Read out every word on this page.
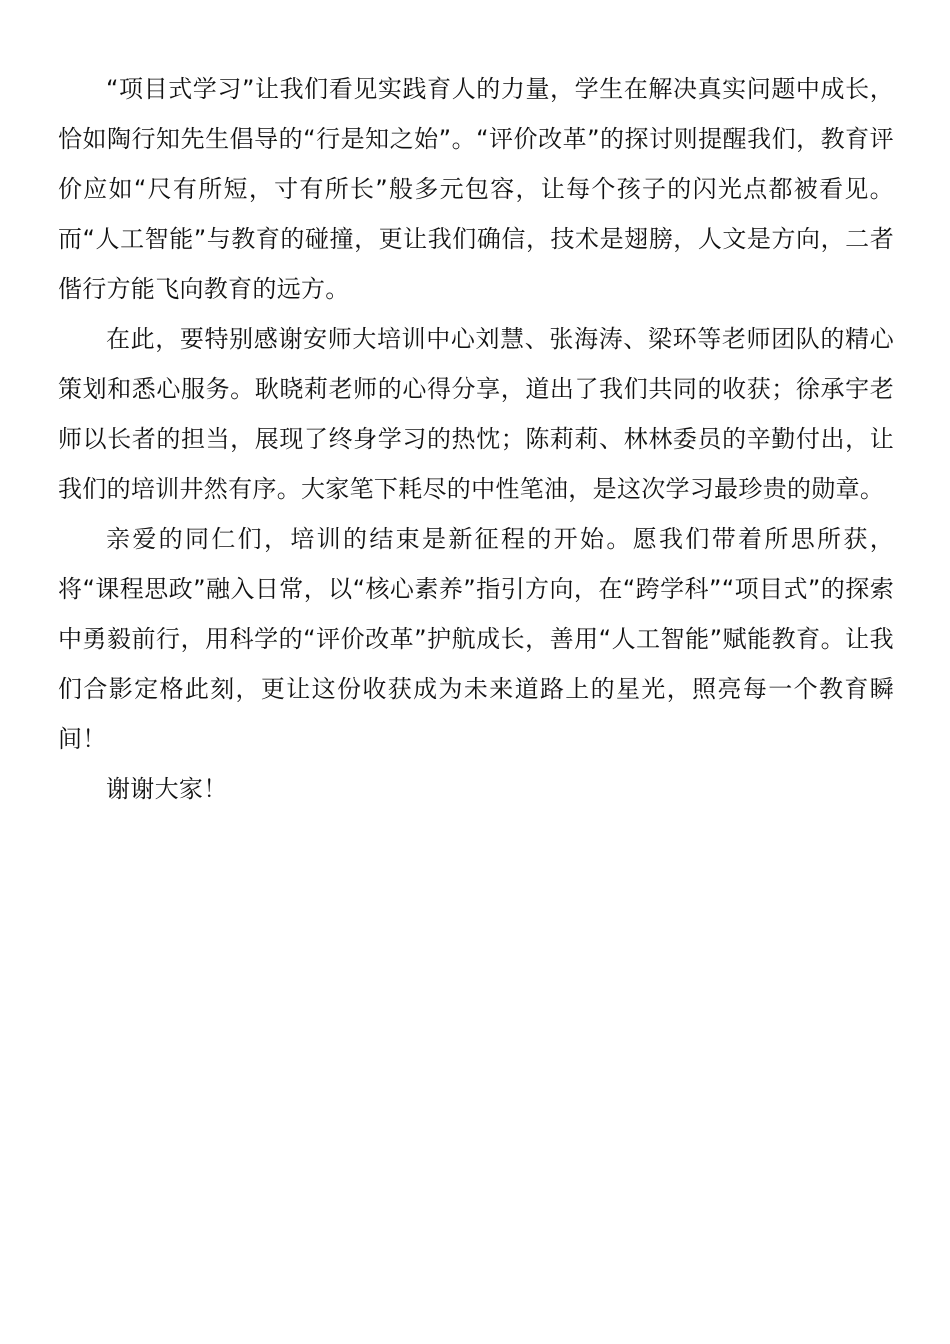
“项目式学习”让我们看见实践育人的力量，学生在解决真实问题中成长，恰如陶行知先生倡导的“行是知之始”。“评价改革”的探讨则提醒我们，教育评价应如“尺有所短，寸有所长”般多元包容，让每个孩子的闪光点都被看见。而“人工智能”与教育的碰撞，更让我们确信，技术是翅膀，人文是方向，二者偕行方能飞向教育的远方。

在此，要特别感谢安师大培训中心刘慧、张海涛、梁环等老师团队的精心策划和悉心服务。耿晓莉老师的心得分享，道出了我们共同的收获；徐承宇老师以长者的担当，展现了终身学习的热忱；陈莉莉、林林委员的辛勤付出，让我们的培训井然有序。大家笔下耗尽的中性笔油，是这次学习最珍贵的勋章。

亲爱的同仁们，培训的结束是新征程的开始。愿我们带着所思所获，将“课程思政”融入日常，以“核心素养”指引方向，在“跨学科”“项目式”的探索中勇毅前行，用科学的“评价改革”护航成长，善用“人工智能”赋能教育。让我们合影定格此刻，更让这份收获成为未来道路上的星光，照亮每一个教育瞬间！

谢谢大家！
